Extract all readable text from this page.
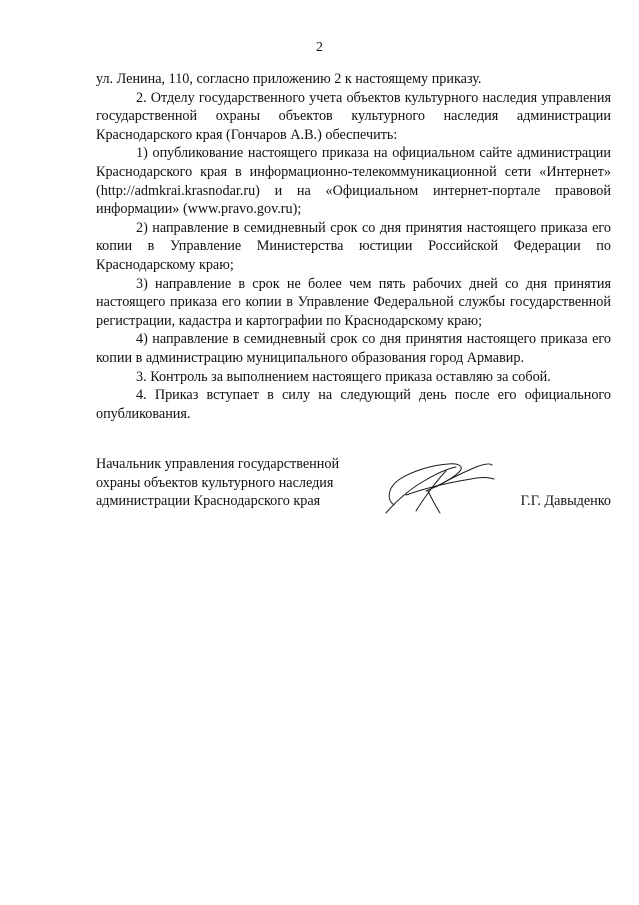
2

ул. Ленина, 110, согласно приложению 2 к настоящему приказу.

2. Отделу государственного учета объектов культурного наследия управления государственной охраны объектов культурного наследия администрации Краснодарского края (Гончаров А.В.) обеспечить:

1) опубликование настоящего приказа на официальном сайте администрации Краснодарского края в информационно-телекоммуникационной сети «Интернет» (http://admkrai.krasnodar.ru) и на «Официальном интернет-портале правовой информации» (www.pravo.gov.ru);

2) направление в семидневный срок со дня принятия настоящего приказа его копии в Управление Министерства юстиции Российской Федерации по Краснодарскому краю;

3) направление в срок не более чем пять рабочих дней со дня принятия настоящего приказа его копии в Управление Федеральной службы государственной регистрации, кадастра и картографии по Краснодарскому краю;

4) направление в семидневный срок со дня принятия настоящего приказа его копии в администрацию муниципального образования город Армавир.

3. Контроль за выполнением настоящего приказа оставляю за собой.

4. Приказ вступает в силу на следующий день после его официального опубликования.

Начальник управления государственной
охраны объектов культурного наследия
администрации Краснодарского края	Г.Г. Давыденко
